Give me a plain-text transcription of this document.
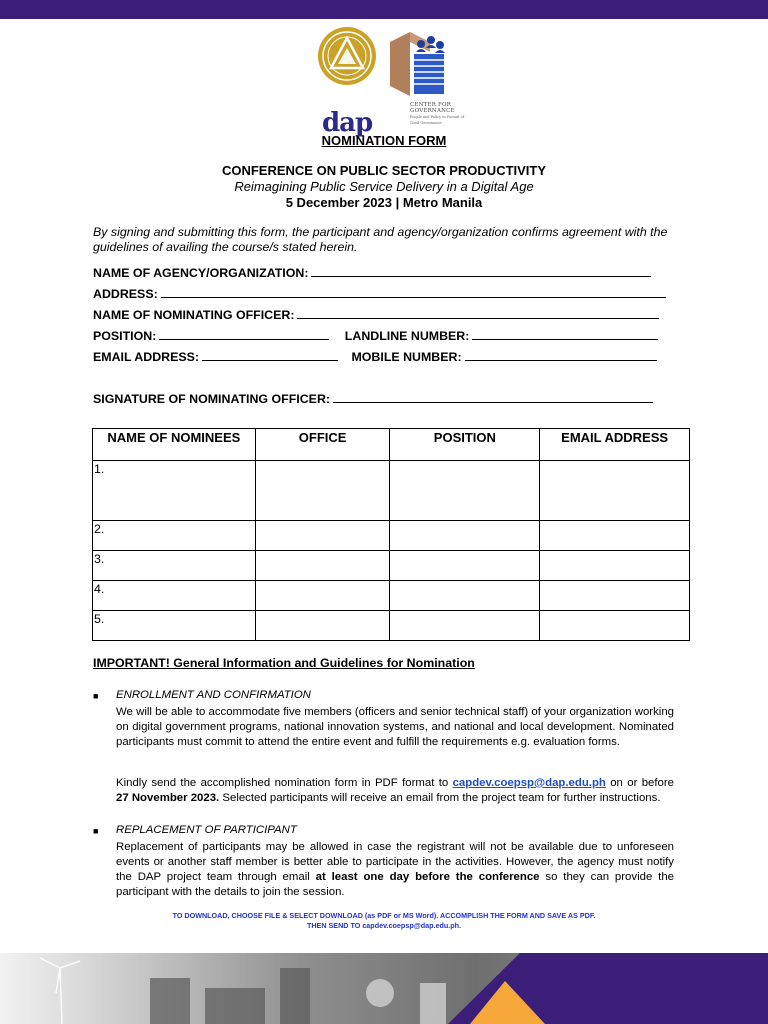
dap
CENTER FOR GOVERNANCE
People and Policy in Pursuit of Good Governance
NOMINATION FORM
CONFERENCE ON PUBLIC SECTOR PRODUCTIVITY
Reimagining Public Service Delivery in a Digital Age
5 December 2023 | Metro Manila
By signing and submitting this form, the participant and agency/organization confirms agreement with the guidelines of availing the course/s stated herein.
NAME OF AGENCY/ORGANIZATION:
ADDRESS:
NAME OF NOMINATING OFFICER:
POSITION:	LANDLINE NUMBER:
EMAIL ADDRESS:	MOBILE NUMBER:
SIGNATURE OF NOMINATING OFFICER:
NAME OF NOMINEES	OFFICE	POSITION	EMAIL ADDRESS

1.			

2.			

3.			

4.			

5.			

IMPORTANT! General Information and Guidelines for Nomination
■ ENROLLMENT AND CONFIRMATION
We will be able to accommodate five members (officers and senior technical staff) of your organization working on digital government programs, national innovation systems, and national and local development. Nominated participants must commit to attend the entire event and fulfill the requirements e.g. evaluation forms.
Kindly send the accomplished nomination form in PDF format to capdev.coepsp@dap.edu.ph on or before 27 November 2023. Selected participants will receive an email from the project team for further instructions.
■ REPLACEMENT OF PARTICIPANT
Replacement of participants may be allowed in case the registrant will not be available due to unforeseen events or another staff member is better able to participate in the activities. However, the agency must notify the DAP project team through email at least one day before the conference so they can provide the participant with the details to join the session.
TO DOWNLOAD, CHOOSE FILE & SELECT DOWNLOAD (as PDF or MS Word). ACCOMPLISH THE FORM AND SAVE AS PDF.
THEN SEND TO capdev.coepsp@dap.edu.ph.
